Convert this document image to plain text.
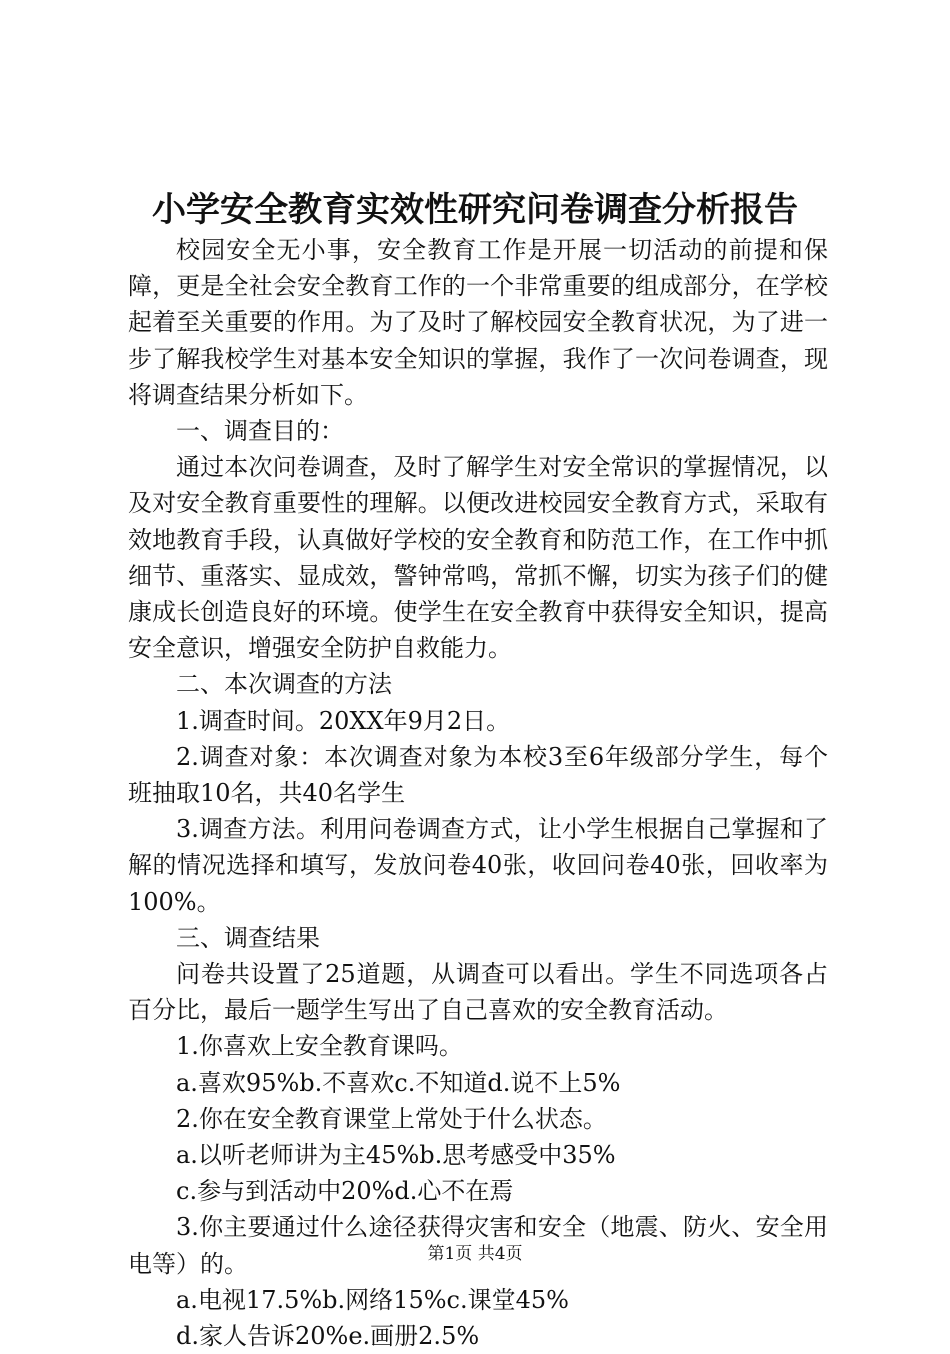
小学安全教育实效性研究问卷调查分析报告

校园安全无小事，安全教育工作是开展一切活动的前提和保障，更是全社会安全教育工作的一个非常重要的组成部分，在学校起着至关重要的作用。为了及时了解校园安全教育状况，为了进一步了解我校学生对基本安全知识的掌握，我作了一次问卷调查，现将调查结果分析如下。

一、调查目的：

通过本次问卷调查，及时了解学生对安全常识的掌握情况，以及对安全教育重要性的理解。以便改进校园安全教育方式，采取有效地教育手段，认真做好学校的安全教育和防范工作，在工作中抓细节、重落实、显成效，警钟常鸣，常抓不懈，切实为孩子们的健康成长创造良好的环境。使学生在安全教育中获得安全知识，提高安全意识，增强安全防护自救能力。

二、本次调查的方法

1.调查时间。20XX年9月2日。

2.调查对象：本次调查对象为本校3至6年级部分学生，每个班抽取10名，共40名学生

3.调查方法。利用问卷调查方式，让小学生根据自己掌握和了解的情况选择和填写，发放问卷40张，收回问卷40张，回收率为100%。

三、调查结果

问卷共设置了25道题，从调查可以看出。学生不同选项各占百分比，最后一题学生写出了自己喜欢的安全教育活动。

1.你喜欢上安全教育课吗。

a.喜欢95%b.不喜欢c.不知道d.说不上5%

2.你在安全教育课堂上常处于什么状态。

a.以听老师讲为主45%b.思考感受中35%

c.参与到活动中20%d.心不在焉

3.你主要通过什么途径获得灾害和安全（地震、防火、安全用电等）的。

a.电视17.5%b.网络15%c.课堂45%

d.家人告诉20%e.画册2.5%

第1页 共4页
